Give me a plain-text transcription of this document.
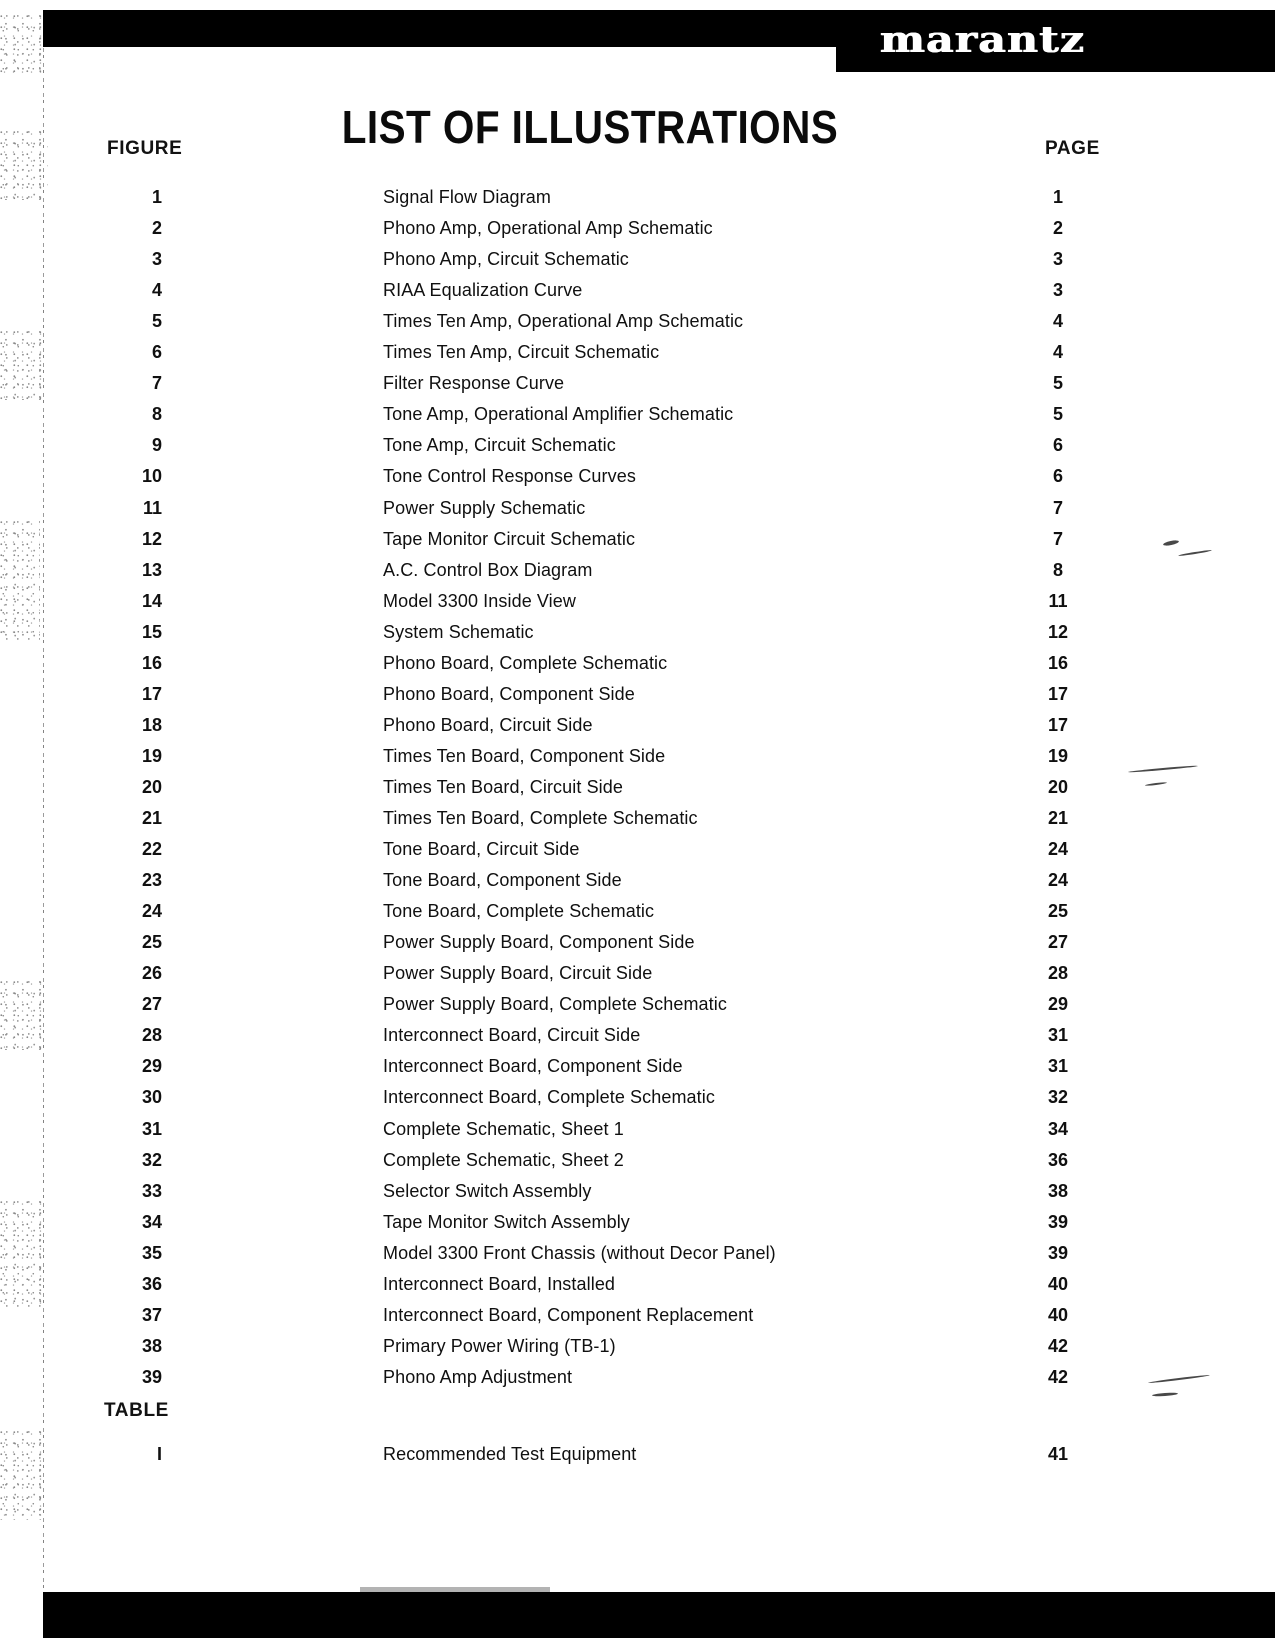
marantz
LIST OF ILLUSTRATIONS
FIGURE	PAGE
TABLE
1	Signal Flow Diagram	1
2	Phono Amp, Operational Amp Schematic	2
3	Phono Amp, Circuit Schematic	3
4	RIAA Equalization Curve	3
5	Times Ten Amp, Operational Amp Schematic	4
6	Times Ten Amp, Circuit Schematic	4
7	Filter Response Curve	5
8	Tone Amp, Operational Amplifier Schematic	5
9	Tone Amp, Circuit Schematic	6
10	Tone Control Response Curves	6
11	Power Supply Schematic	7
12	Tape Monitor Circuit Schematic	7
13	A.C. Control Box Diagram	8
14	Model 3300 Inside View	11
15	System Schematic	12
16	Phono Board, Complete Schematic	16
17	Phono Board, Component Side	17
18	Phono Board, Circuit Side	17
19	Times Ten Board, Component Side	19
20	Times Ten Board, Circuit Side	20
21	Times Ten Board, Complete Schematic	21
22	Tone Board, Circuit Side	24
23	Tone Board, Component Side	24
24	Tone Board, Complete Schematic	25
25	Power Supply Board, Component Side	27
26	Power Supply Board, Circuit Side	28
27	Power Supply Board, Complete Schematic	29
28	Interconnect Board, Circuit Side	31
29	Interconnect Board, Component Side	31
30	Interconnect Board, Complete Schematic	32
31	Complete Schematic, Sheet 1	34
32	Complete Schematic, Sheet 2	36
33	Selector Switch Assembly	38
34	Tape Monitor Switch Assembly	39
35	Model 3300 Front Chassis (without Decor Panel)	39
36	Interconnect Board, Installed	40
37	Interconnect Board, Component Replacement	40
38	Primary Power Wiring (TB-1)	42
39	Phono Amp Adjustment	42
I	Recommended Test Equipment	41
